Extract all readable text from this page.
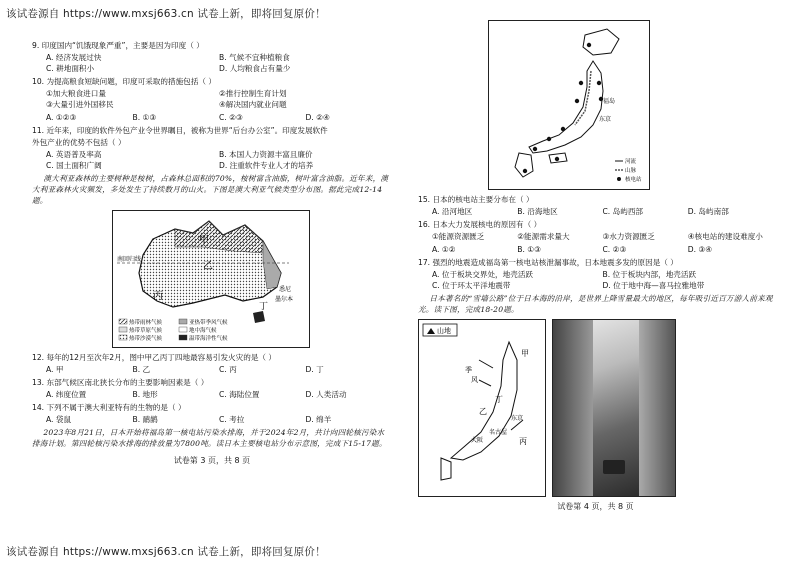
该试卷源自 https://www.mxsj663.cn 试卷上新，即将回复原价！
9. 印度国内“饥饿现象严重”，主要是因为印度（ ）
A. 经济发展过快	B. 气候不宜种植粮食
C. 耕地面积小	D. 人均粮食占有量少
10. 为提高粮食短缺问题，印度可采取的措施包括（ ）
①加大粮食进口量	②推行控制生育计划
③大量引进外国移民	④解决国内就业问题
A. ①②③	B. ①③	C. ②③	D. ②④
11. 近年来，印度的软件外包产业令世界瞩目，被称为世界“后台办公室”。印度发展软件
外包产业的优势不包括（ ）
A. 英语普及率高	B. 本国人力资源丰富且廉价
C. 国土面积广阔	D. 注重软件专业人才的培养
澳大利亚森林的主要树种是桉树，占森林总面积的70%，桉树富含油脂，树叶富含油脂。近年来，澳大利亚森林火灾频发，多处发生了持续数月的山火。下图是澳大利亚气候类型分布图。据此完成12-14题。
南回归线
甲
乙
丙
丁
悉尼
墨尔本
热带雨林气候	亚热带季风气候
热带草原气候	地中海气候
热带沙漠气候	温带海洋性气候
12. 每年的12月至次年2月，图中甲乙丙丁四地最容易引发火灾的是（ ）
A. 甲	B. 乙	C. 丙	D. 丁
13. 东部气候区南北狭长分布的主要影响因素是（ ）
A. 纬度位置	B. 地形	C. 海陆位置	D. 人类活动
14. 下列不属于澳大利亚特有的生物的是（ ）
A. 袋鼠	B. 鸸鹋	C. 考拉	D. 绵羊
2023年8月21日，日本开始将福岛第一核电站污染水排海，并于2024年2月，共计向四轮核污染水排海计划。第四轮核污染水排海的排放量为7800吨。读日本主要核电站分布示意图，完成下15-17题。
试卷第 3 页，共 8 页
福岛
东京
河流
山脉
核电站
15. 日本的核电站主要分布在（ ）
A. 沿河地区	B. 沿海地区	C. 岛屿西部	D. 岛屿南部
16. 日本大力发展核电的原因有（ ）
①能源资源匮乏	②能源需求量大	③水力资源匮乏	④核电站的建设难度小
A. ①②	B. ①③	C. ②③	D. ③④
17. 强烈的地震造成福岛第一核电站核泄漏事故，日本地震多发的原因是（ ）
A. 位于板块交界处，地壳活跃	B. 位于板块内部，地壳活跃
C. 位于环太平洋地震带	D. 位于地中海—喜马拉雅地带
日本著名的“雪墙公路”位于日本海的沿岸，是世界上降雪量最大的地区，每年吸引近百万游人前来观光。读下图，完成18-20题。
山地
甲
乙
丙
丁
季
风
东京
大阪
名古屋
试卷第 4 页，共 8 页
该试卷源自 https://www.mxsj663.cn 试卷上新，即将回复原价！
